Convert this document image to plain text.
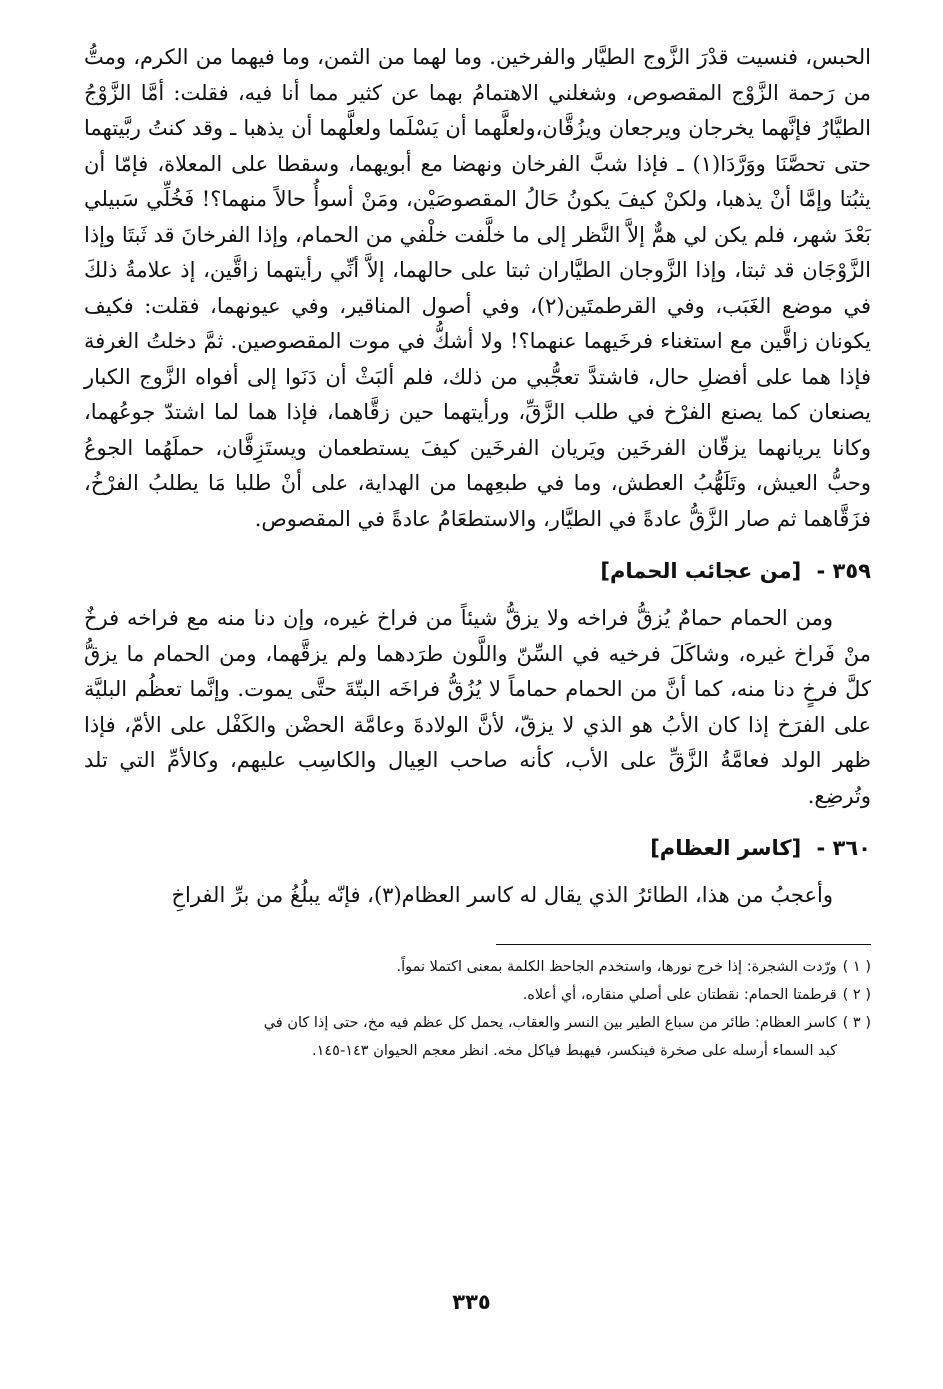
الحبس، فنسيت قدْرَ الزَّوج الطيَّار والفرخين. وما لهما من الثمن، وما فيهما من الكرم، ومتُّ من رَحمة الزَّوْج المقصوص، وشغلني الاهتمامُ بهما عن كثير مما أنا فيه، فقلت: أمَّا الزَّوْجُ الطيَّارُ فإنَّهما يخرجان ويرجعان ويزُقَّان،ولعلَّهما أن يَسْلَما ولعلَّهما أن يذهبا ـ وقد كنتُ ربَّيتهما حتى تحصَّنَا ووَرَّدَا(١) ـ فإذا شبَّ الفرخان ونهضا مع أبويهما، وسقطا على المعلاة، فإمّا أن يثبُتا وإمَّا أنْ يذهبا، ولكنْ كيفَ يكونُ حَالُ المقصوصَيْن، ومَنْ أسوأُ حالاً منهما؟! فَخُلِّي سَبيلي بَعْدَ شهر، فلم يكن لي همٌّ إلاَّ النَّظر إلى ما خلَّفت خلْفي من الحمام، وإذا الفرخانَ قد ثَبتَا وإذا الزَّوْجَان قد ثبتا، وإذا الزَّوجان الطيَّاران ثبتا على حالهما، إلاَّ أنِّي رأيتهما زاقَّين، إذ علامةُ ذلكَ في موضع الغَبَب، وفي القرطمتَين(٢)، وفي أصول المناقير، وفي عيونهما، فقلت: فكيف يكونان زاقَّين مع استغناء فرخَيهما عنهما؟! ولا أشكُّ في موت المقصوصين. ثمَّ دخلتُ الغرفة فإذا هما على أفضلِ حال، فاشتدَّ تعجُّبي من ذلك، فلم ألبَثْ أن دَنَوا إلى أفواه الزَّوج الكبار يصنعان كما يصنع الفرْخ في طلب الزَّقِّ، ورأيتهما حين زقَّاهما، فإذا هما لما اشتدّ جوعُهما، وكانا يريانهما يزقّان الفرخَين ويَريان الفرخَين كيفَ يستطعمان ويستَزِقَّان، حملَهُما الجوعُ وحبُّ العيش، وتَلَهُّبُ العطش، وما في طبعِهما من الهداية، على أنْ طلبا مَا يطلبُ الفرْخُ، فزَقَّاهما ثم صار الزَّقُّ عادةً في الطيَّار، والاستطعَامُ عادةً في المقصوص.

٣٥٩ - [من عجائب الحمام]

ومن الحمام حمامٌ يُزقُّ فراخه ولا يزقُّ شيئاً من فراخ غيره، وإن دنا منه مع فراخه فرخٌ منْ فَراخ غيره، وشاكَلَ فرخيه في السِّنّ واللَّون طرَدهما ولم يزقَّهما، ومن الحمام ما يزقُّ كلَّ فرخٍ دنا منه، كما أنَّ من الحمام حماماً لا يُزُقُّ فراخَه البتّةَ حتَّى يموت. وإنَّما تعظُم البليَّة على الفرَخ إذا كان الأبُ هو الذي لا يزقّ، لأنَّ الولادةَ وعامَّة الحضْن والكَفْل على الأمّ، فإذا ظهر الولد فعامَّةُ الزَّقِّ على الأب، كأنه صاحب العِيال والكاسِب عليهم، وكالأمِّ التي تلد وتُرضِع.

٣٦٠ - [كاسر العظام]

وأعجبُ من هذا، الطائرُ الذي يقال له كاسر العظام(٣)، فإنّه يبلُغُ من برِّ الفراخِ

( ١ )ورّدت الشجرة: إذا خرج نورها، واستخدم الجاحظ الكلمة بمعنى اكتملا نمواً.

( ٢ )قرطمتا الحمام: نقطتان على أصلي منقاره، أي أعلاه.

( ٣ )كاسر العظام: طائر من سباع الطير بين النسر والعقاب، يحمل كل عظم فيه مخ، حتى إذا كان في
كبد السماء أرسله على صخرة فينكسر، فيهبط فياكل مخه. انظر معجم الحيوان ١٤٣-١٤٥.

٣٣٥
